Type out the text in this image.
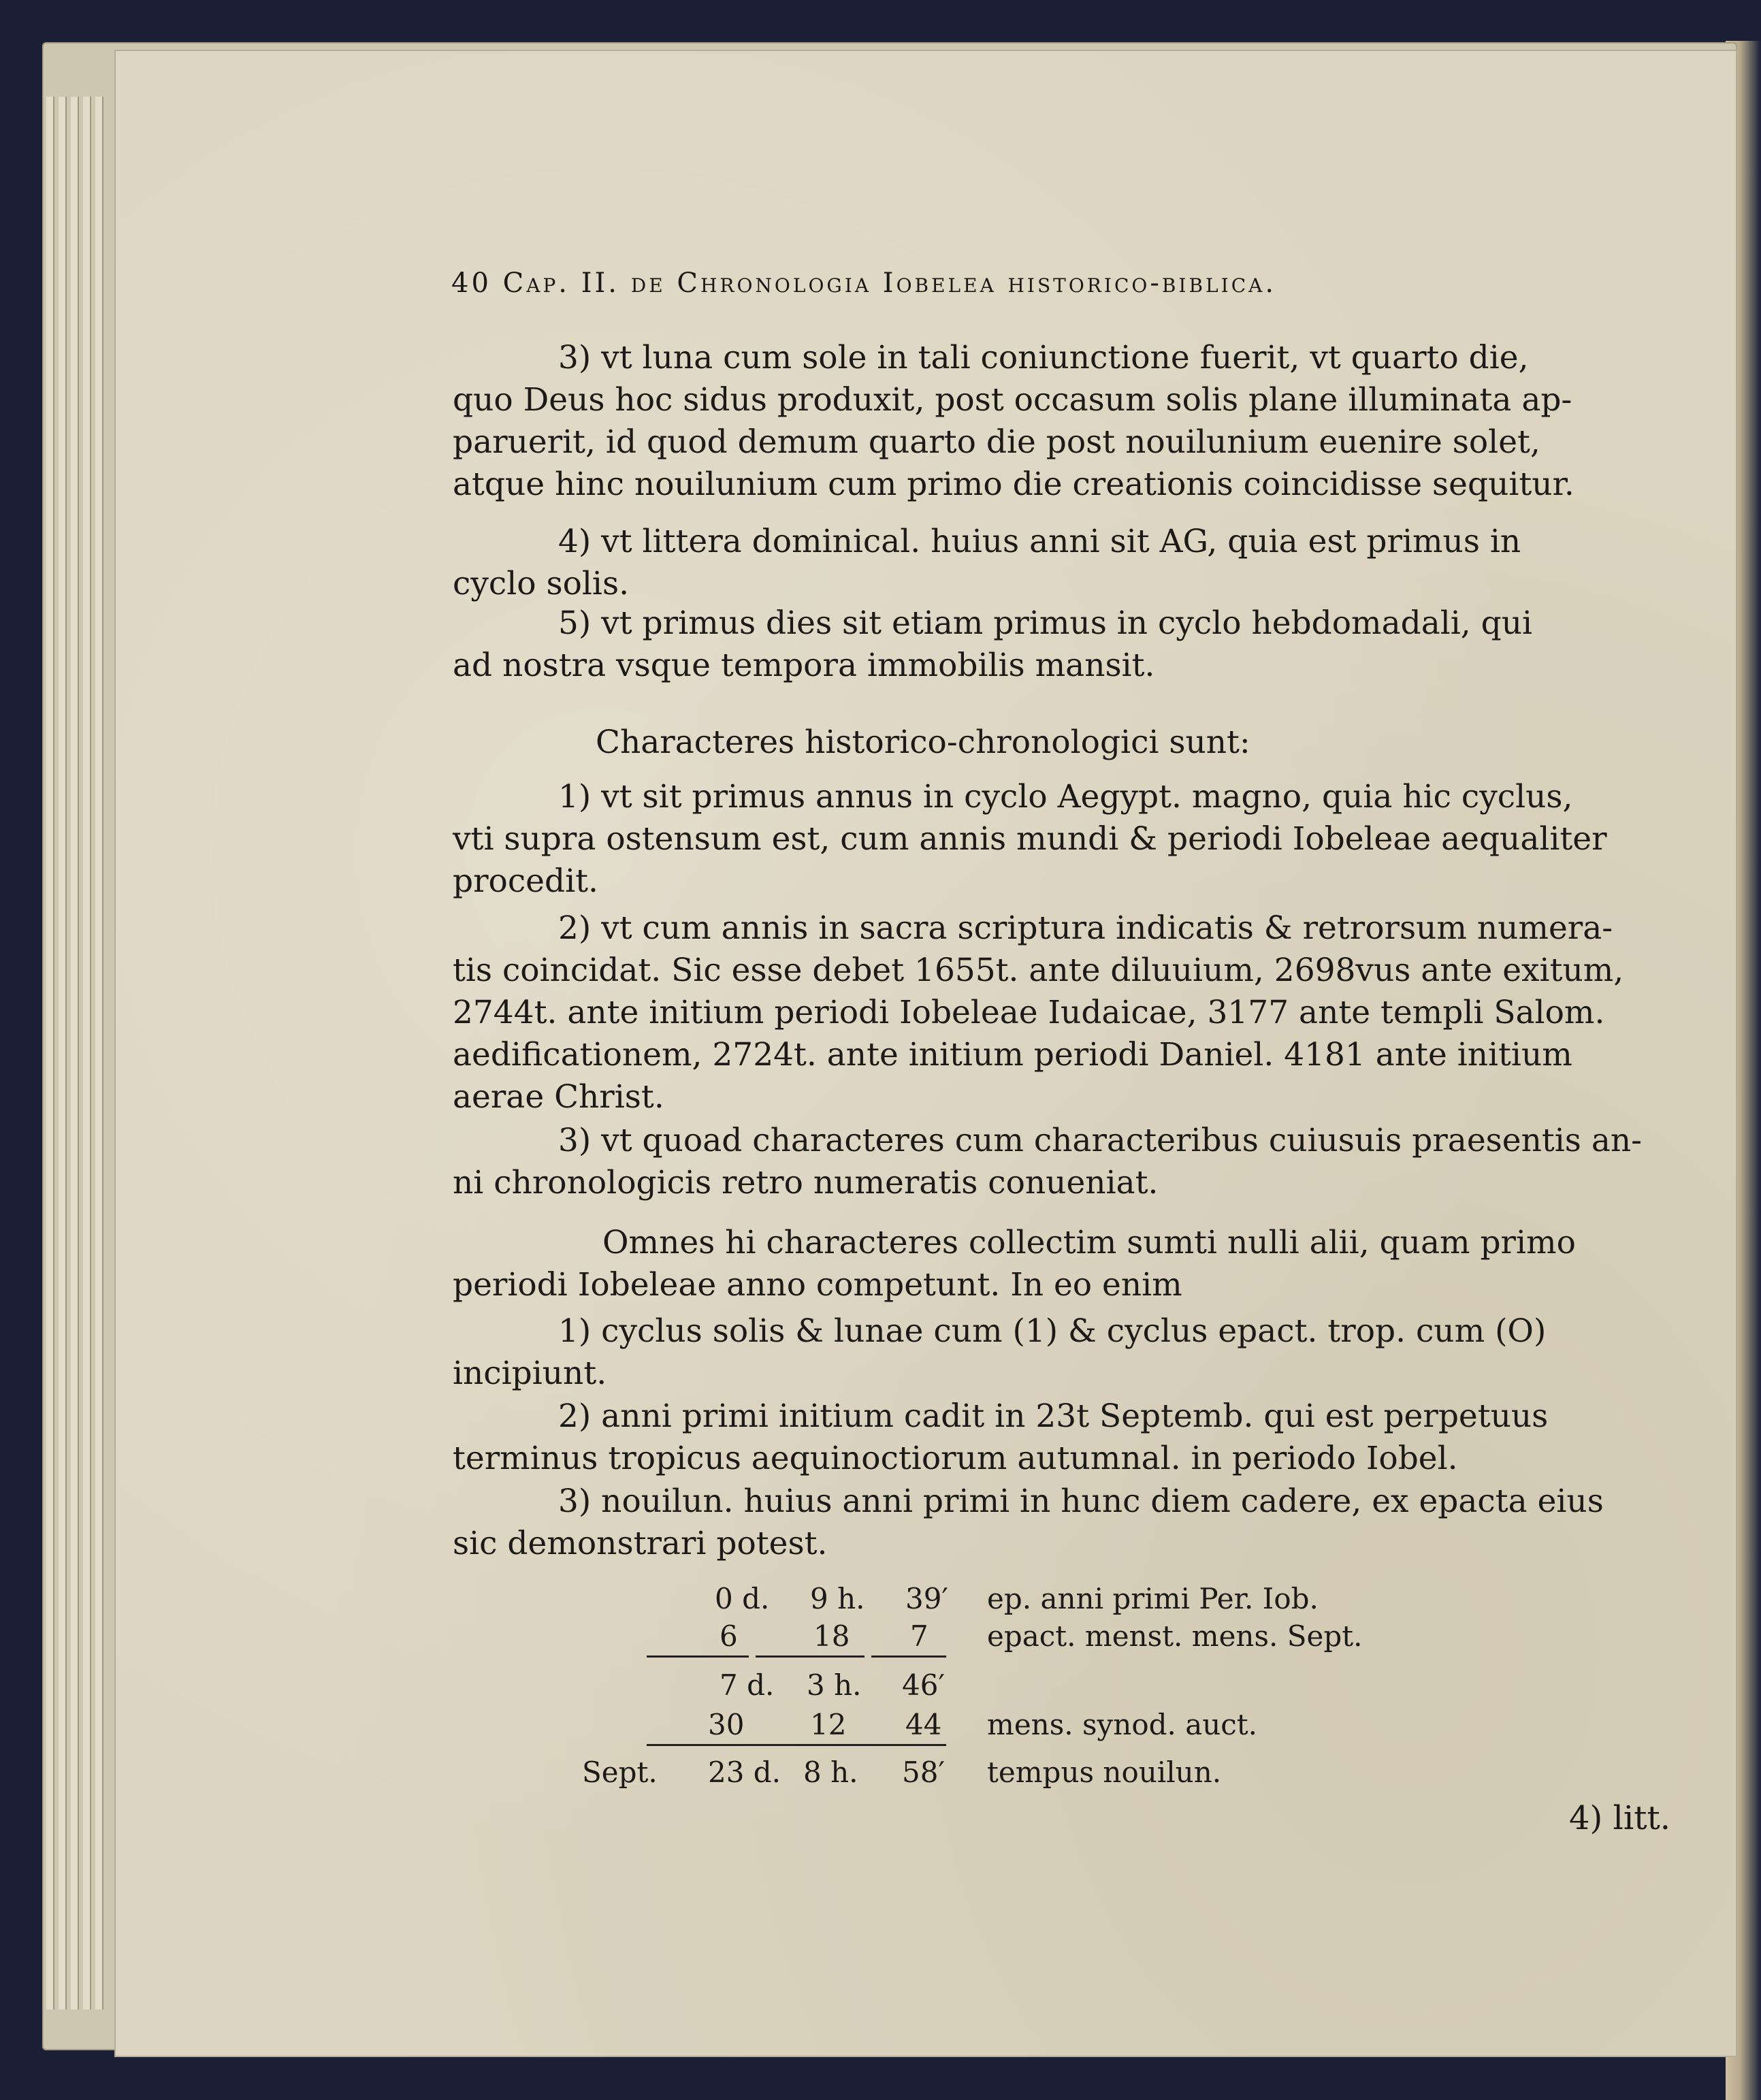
40 Cap. II. de Chronologia Iobelea historico-biblica.
3) vt luna cum sole in tali coniunctione fuerit, vt quarto die,
quo Deus hoc sidus produxit, post occasum solis plane illuminata ap-
paruerit, id quod demum quarto die post nouilunium euenire solet,
atque hinc nouilunium cum primo die creationis coincidisse sequitur.
4) vt littera dominical. huius anni sit AG, quia est primus in
cyclo solis.
5) vt primus dies sit etiam primus in cyclo hebdomadali, qui
ad nostra vsque tempora immobilis mansit.
Characteres historico-chronologici sunt:
1) vt sit primus annus in cyclo Aegypt. magno, quia hic cyclus,
vti supra ostensum est, cum annis mundi & periodi Iobeleae aequaliter
procedit.
2) vt cum annis in sacra scriptura indicatis & retrorsum numera-
tis coincidat. Sic esse debet 1655t. ante diluuium, 2698vus ante exitum,
2744t. ante initium periodi Iobeleae Iudaicae, 3177 ante templi Salom.
aedificationem, 2724t. ante initium periodi Daniel. 4181 ante initium
aerae Christ.
3) vt quoad characteres cum characteribus cuiusuis praesentis an-
ni chronologicis retro numeratis conueniat.
Omnes hi characteres collectim sumti nulli alii, quam primo
periodi Iobeleae anno competunt. In eo enim
1) cyclus solis & lunae cum (1) & cyclus epact. trop. cum (O)
incipiunt.
2) anni primi initium cadit in 23t Septemb. qui est perpetuus
terminus tropicus aequinoctiorum autumnal. in periodo Iobel.
3) nouilun. huius anni primi in hunc diem cadere, ex epacta eius
sic demonstrari potest.
0 d. 9 h. 39′ ep. anni primi Per. Iob.
6	18 7 epact. menst. mens. Sept.
7 d. 3 h. 46′
30 12 44 mens. synod. auct.
Sept. 23 d. 8 h. 58′ tempus nouilun.
4) litt.
